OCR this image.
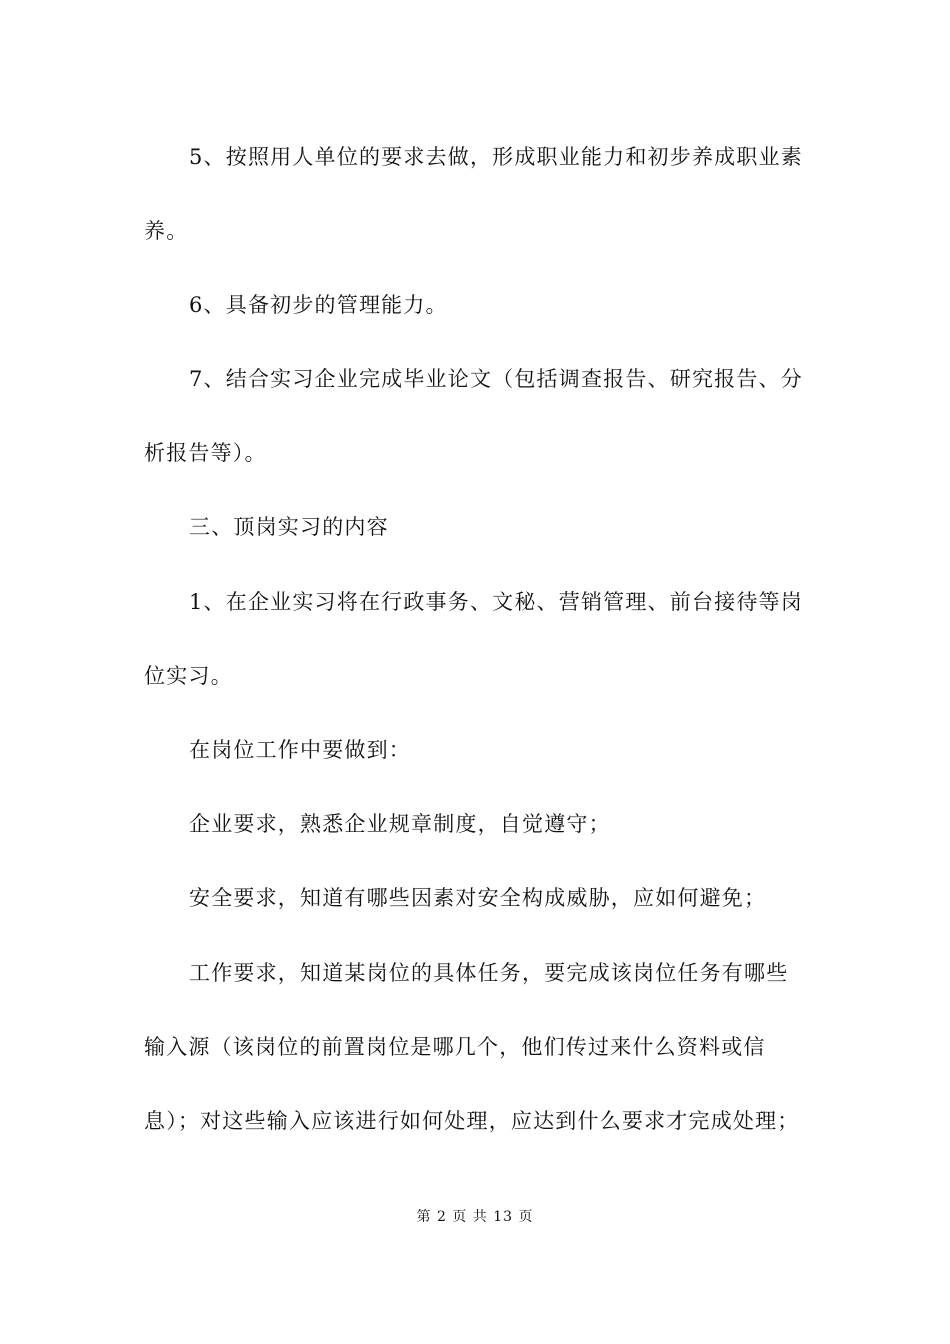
5、按照用人单位的要求去做，形成职业能力和初步养成职业素
养。
6、具备初步的管理能力。
7、结合实习企业完成毕业论文（包括调查报告、研究报告、分
析报告等）。
三、顶岗实习的内容
1、在企业实习将在行政事务、文秘、营销管理、前台接待等岗
位实习。
在岗位工作中要做到：
企业要求，熟悉企业规章制度，自觉遵守；
安全要求，知道有哪些因素对安全构成威胁，应如何避免；
工作要求，知道某岗位的具体任务，要完成该岗位任务有哪些
输入源（该岗位的前置岗位是哪几个，他们传过来什么资料或信
息）；对这些输入应该进行如何处理，应达到什么要求才完成处理；
第 2 页 共 13 页
